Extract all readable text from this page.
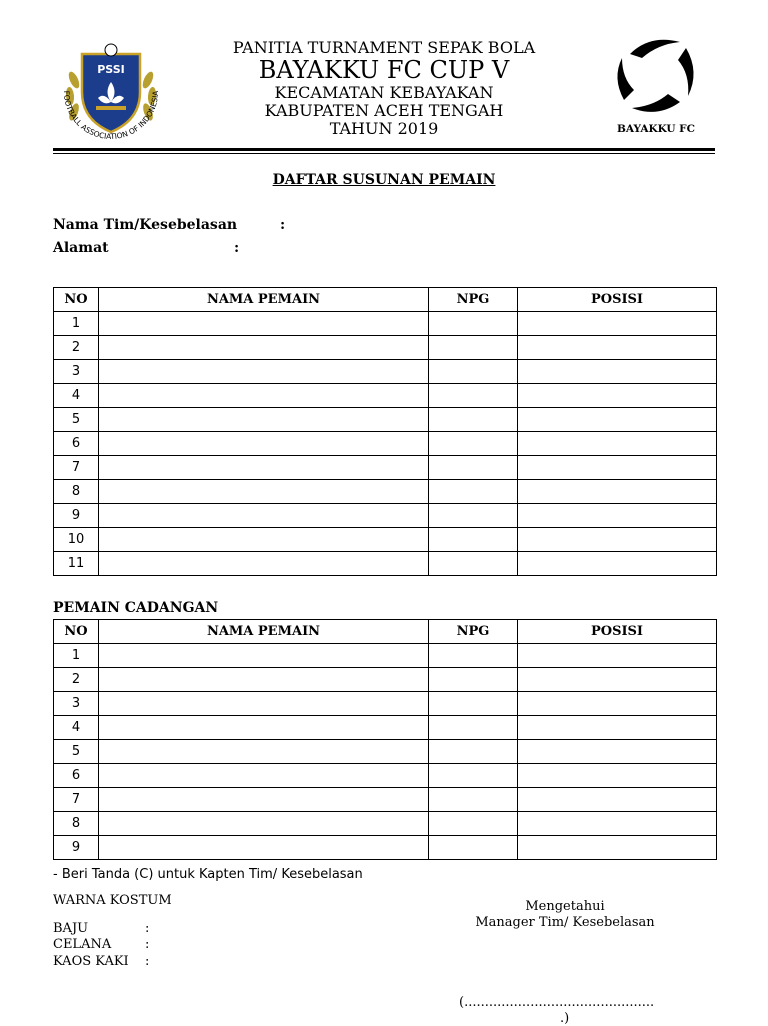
PSSI
FOOTBALL ASSOCIATION OF INDONESIA
PANITIA TURNAMENT SEPAK BOLA
BAYAKKU FC CUP V
KECAMATAN KEBAYAKAN
KABUPATEN ACEH TENGAH
TAHUN 2019	BAYAKKU FC
DAFTAR SUSUNAN PEMAIN
Nama Tim/Kesebelasan	:
Alamat	:
NO	NAMA PEMAIN	NPG	POSISI
1			
2			
3			
4			
5			
6			
7			
8			
9			
10			
11			
PEMAIN CADANGAN
NO	NAMA PEMAIN	NPG	POSISI
1			
2			
3			
4			
5			
6			
7			
8			
9			
- Beri Tanda (C) untuk Kapten Tim/ Kesebelasan
WARNA KOSTUM
BAJU	:
CELANA	:
KAOS KAKI :
Mengetahui
Manager Tim/ Kesebelasan
(..............................................
.)
